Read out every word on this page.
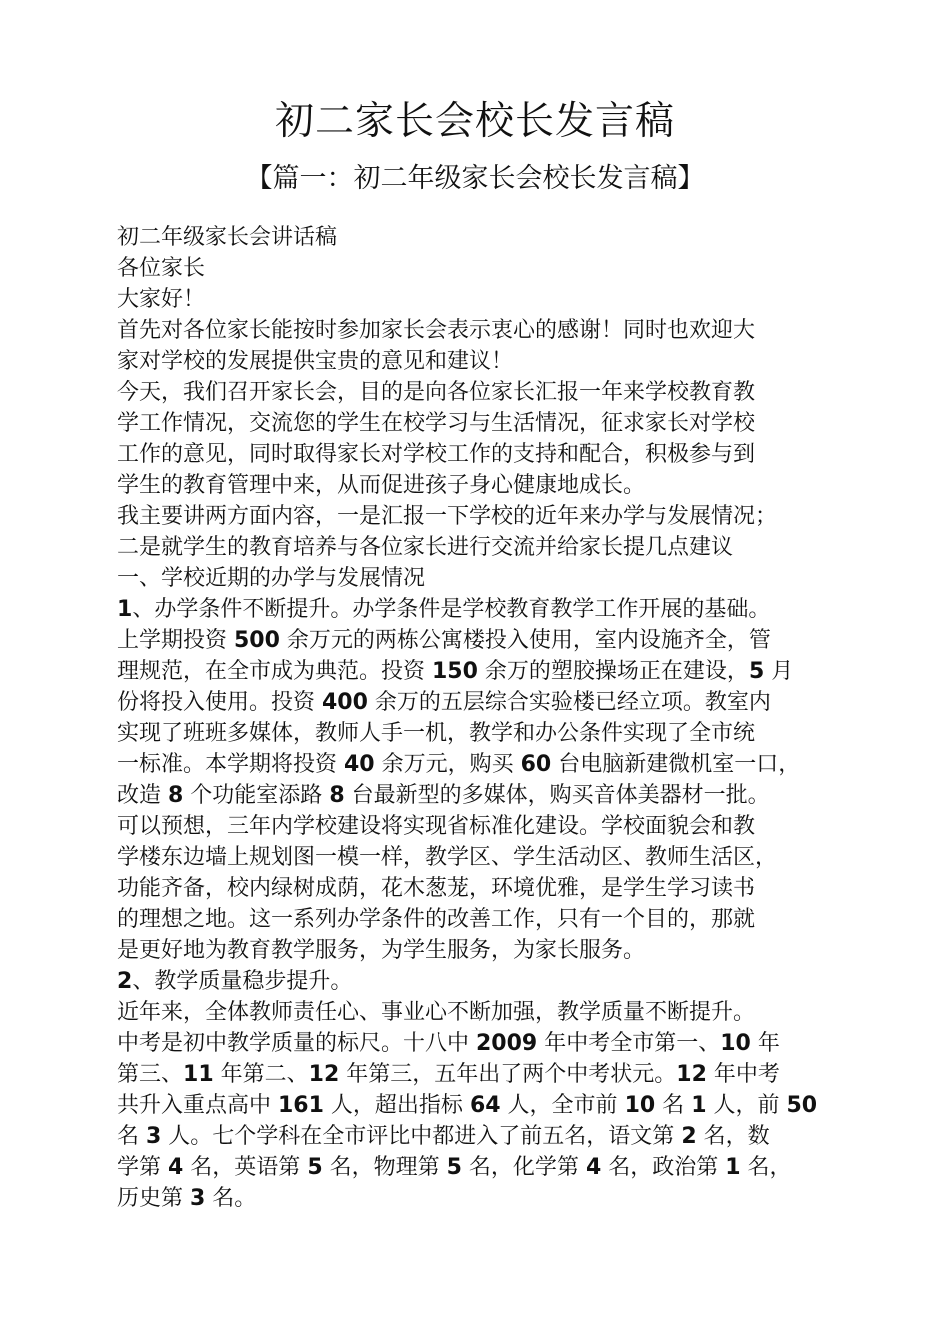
初二家长会校长发言稿
【篇一：初二年级家长会校长发言稿】

初二年级家长会讲话稿

各位家长

大家好！

首先对各位家长能按时参加家长会表示衷心的感谢！同时也欢迎大

家对学校的发展提供宝贵的意见和建议！

今天，我们召开家长会，目的是向各位家长汇报一年来学校教育教

学工作情况，交流您的学生在校学习与生活情况，征求家长对学校

工作的意见，同时取得家长对学校工作的支持和配合，积极参与到

学生的教育管理中来，从而促进孩子身心健康地成长。

我主要讲两方面内容，一是汇报一下学校的近年来办学与发展情况；

二是就学生的教育培养与各位家长进行交流并给家长提几点建议

一、学校近期的办学与发展情况

1、办学条件不断提升。办学条件是学校教育教学工作开展的基础。

上学期投资 500 余万元的两栋公寓楼投入使用，室内设施齐全，管

理规范，在全市成为典范。投资 150 余万的塑胶操场正在建设，5 月

份将投入使用。投资 400 余万的五层综合实验楼已经立项。教室内

实现了班班多媒体，教师人手一机，教学和办公条件实现了全市统

一标准。本学期将投资 40 余万元，购买 60 台电脑新建微机室一口，

改造 8 个功能室添路 8 台最新型的多媒体，购买音体美器材一批。

可以预想，三年内学校建设将实现省标准化建设。学校面貌会和教

学楼东边墙上规划图一模一样，教学区、学生活动区、教师生活区，

功能齐备，校内绿树成荫，花木葱茏，环境优雅，是学生学习读书

的理想之地。这一系列办学条件的改善工作，只有一个目的，那就

是更好地为教育教学服务，为学生服务，为家长服务。

2、教学质量稳步提升。

近年来，全体教师责任心、事业心不断加强，教学质量不断提升。

中考是初中教学质量的标尺。十八中 2009 年中考全市第一、10 年

第三、11 年第二、12 年第三，五年出了两个中考状元。12 年中考

共升入重点高中 161 人，超出指标 64 人，全市前 10 名 1 人，前 50

名 3 人。七个学科在全市评比中都进入了前五名，语文第 2 名，数

学第 4 名，英语第 5 名，物理第 5 名，化学第 4 名，政治第 1 名，

历史第 3 名。
